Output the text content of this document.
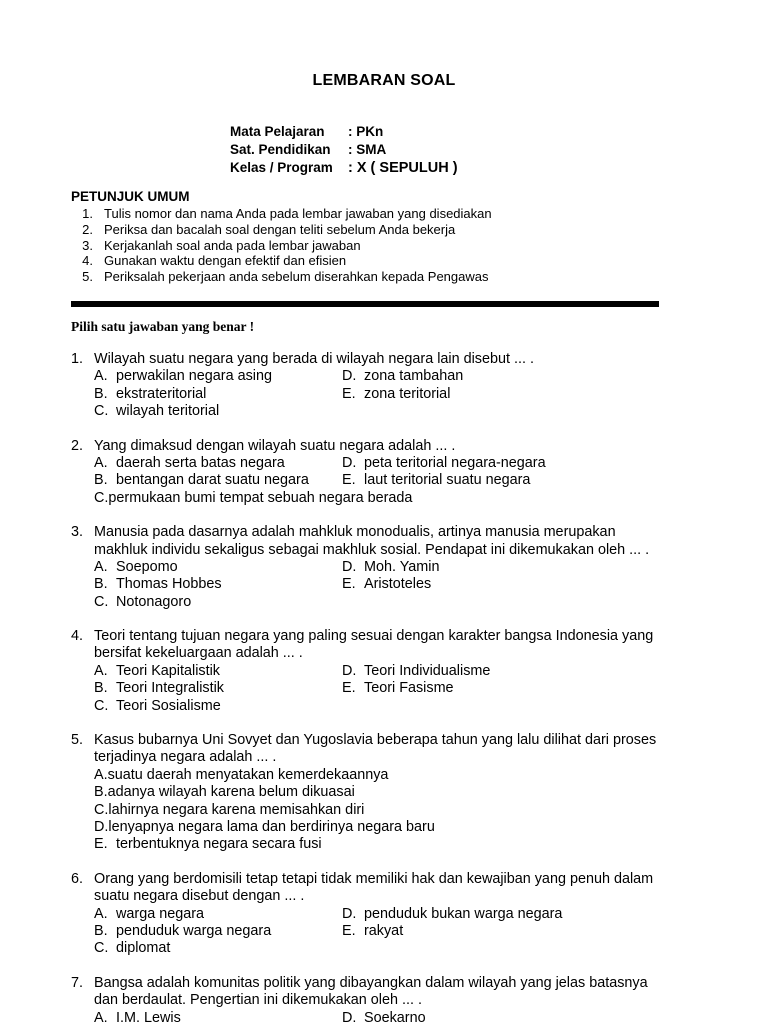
LEMBARAN SOAL
Mata Pelajaran	: PKn
Sat. Pendidikan	: SMA
Kelas / Program	: X ( SEPULUH )
PETUNJUK UMUM
1. Tulis nomor dan nama Anda pada lembar jawaban yang disediakan
2. Periksa dan bacalah soal dengan teliti sebelum Anda bekerja
3. Kerjakanlah soal anda pada lembar jawaban
4. Gunakan waktu dengan efektif dan efisien
5. Periksalah pekerjaan anda sebelum diserahkan kepada Pengawas
Pilih satu jawaban yang benar !
1. Wilayah suatu negara yang berada di wilayah negara lain disebut ... .
A. perwakilan negara asing	D. zona tambahan
B. ekstrateritorial	E. zona teritorial
C. wilayah teritorial
2. Yang dimaksud dengan wilayah suatu negara adalah ... .
A. daerah serta batas negara	D. peta teritorial negara-negara
B. bentangan darat suatu negara E. laut teritorial suatu negara
C. permukaan bumi tempat sebuah negara berada
3. Manusia pada dasarnya adalah mahkluk monodualis, artinya manusia merupakan
makhluk individu sekaligus sebagai makhluk sosial. Pendapat ini dikemukakan oleh ... .
A. Soepomo	D. Moh. Yamin
B. Thomas Hobbes	E. Aristoteles
C. Notonagoro
4. Teori tentang tujuan negara yang paling sesuai dengan karakter bangsa Indonesia yang
bersifat kekeluargaan adalah ... .
A. Teori Kapitalistik	D. Teori Individualisme
B. Teori Integralistik	E. Teori Fasisme
C. Teori Sosialisme
5. Kasus bubarnya Uni Sovyet dan Yugoslavia beberapa tahun yang lalu dilihat dari proses
terjadinya negara adalah ... .
A. suatu daerah menyatakan kemerdekaannya
B. adanya wilayah karena belum dikuasai
C. lahirnya negara karena memisahkan diri
D. lenyapnya negara lama dan berdirinya negara baru
E. terbentuknya negara secara fusi
6. Orang yang berdomisili tetap tetapi tidak memiliki hak dan kewajiban yang penuh dalam
suatu negara disebut dengan ... .
A. warga negara	D. penduduk bukan warga negara
B. penduduk warga negara	E. rakyat
C. diplomat
7. Bangsa adalah komunitas politik yang dibayangkan dalam wilayah yang jelas batasnya
dan berdaulat. Pengertian ini dikemukakan oleh ... .
A. I.M. Lewis	D. Soekarno
